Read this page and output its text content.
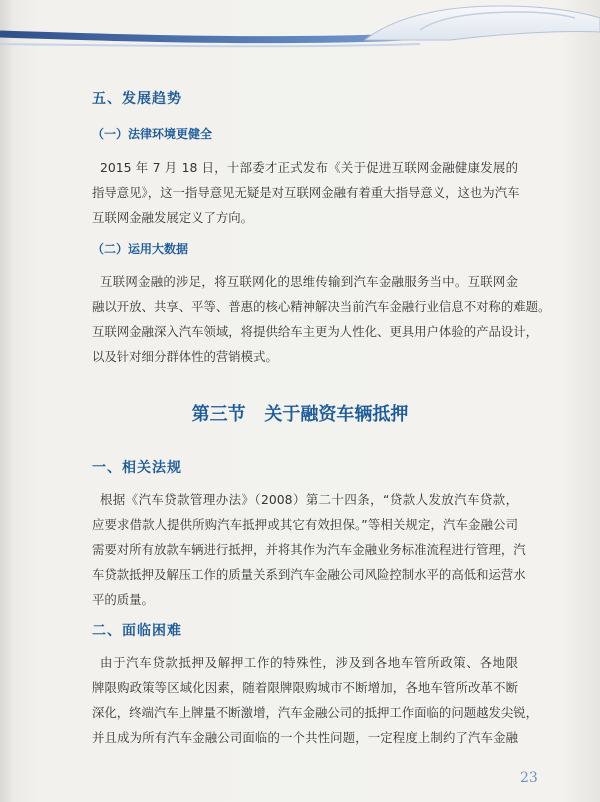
五、发展趋势
（一）法律环境更健全

2015 年 7 月 18 日，十部委才正式发布《关于促进互联网金融健康发展的
指导意见》，这一指导意见无疑是对互联网金融有着重大指导意义，这也为汽车
互联网金融发展定义了方向。

（二）运用大数据

互联网金融的涉足，将互联网化的思维传输到汽车金融服务当中。互联网金
融以开放、共享、平等、普惠的核心精神解决当前汽车金融行业信息不对称的难题。
互联网金融深入汽车领域，将提供给车主更为人性化、更具用户体验的产品设计，
以及针对细分群体性的营销模式。

第三节   关于融资车辆抵押
一、相关法规

根据《汽车贷款管理办法》（2008）第二十四条，“贷款人发放汽车贷款，
应要求借款人提供所购汽车抵押或其它有效担保。”等相关规定，汽车金融公司
需要对所有放款车辆进行抵押，并将其作为汽车金融业务标准流程进行管理，汽
车贷款抵押及解压工作的质量关系到汽车金融公司风险控制水平的高低和运营水
平的质量。

二、面临困难

由于汽车贷款抵押及解押工作的特殊性，涉及到各地车管所政策、各地限
牌限购政策等区域化因素，随着限牌限购城市不断增加，各地车管所改革不断
深化，终端汽车上牌量不断激增，汽车金融公司的抵押工作面临的问题越发尖锐，
并且成为所有汽车金融公司面临的一个共性问题，一定程度上制约了汽车金融

23
